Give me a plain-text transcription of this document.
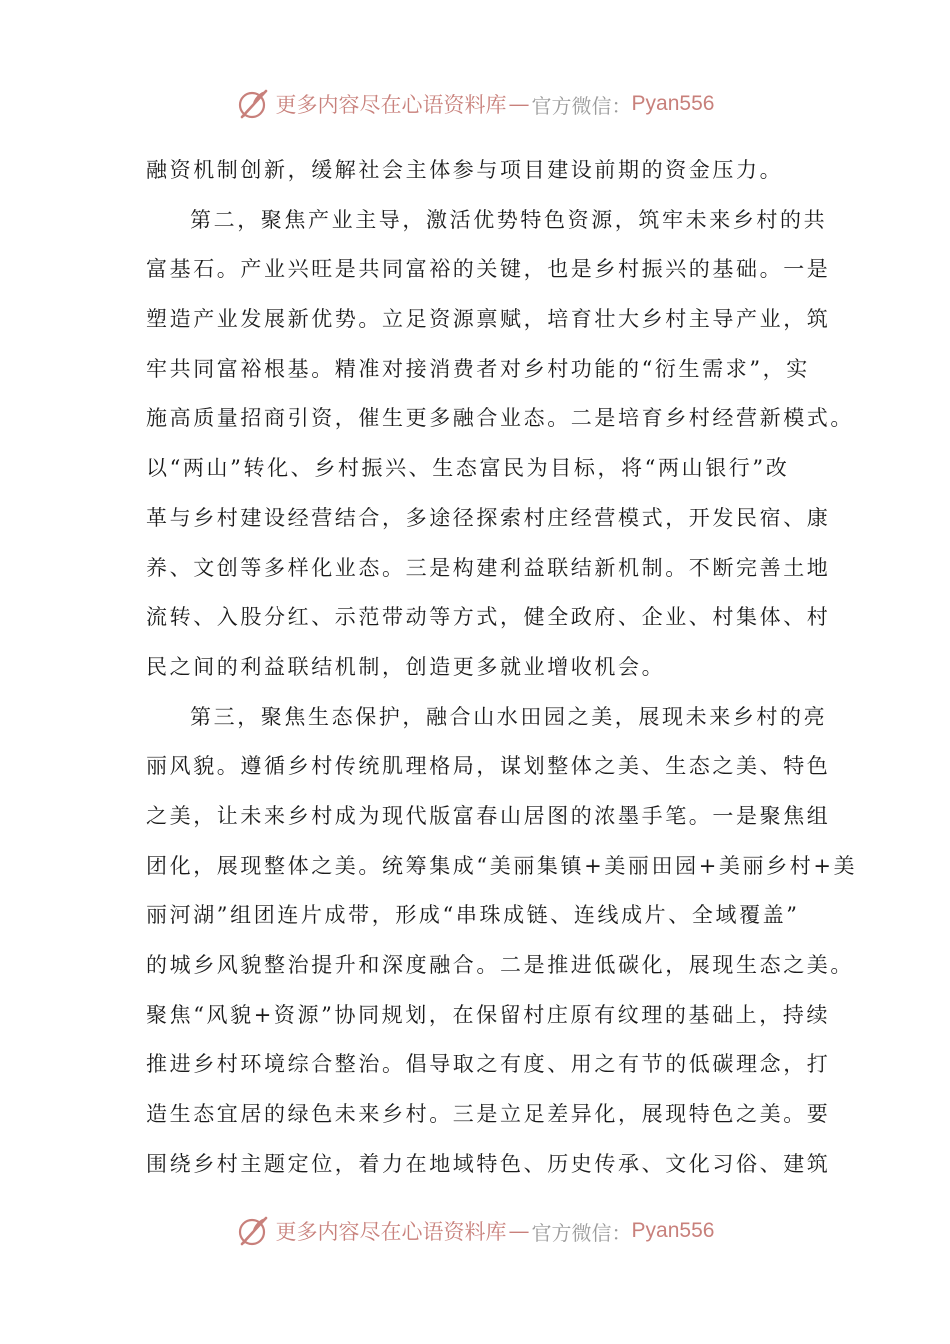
更多内容尽在心语资料库 — 官方微信： Pyan556
融资机制创新，缓解社会主体参与项目建设前期的资金压力。
第二，聚焦产业主导，激活优势特色资源，筑牢未来乡村的共
富基石。产业兴旺是共同富裕的关键，也是乡村振兴的基础。一是
塑造产业发展新优势。立足资源禀赋，培育壮大乡村主导产业，筑
牢共同富裕根基。精准对接消费者对乡村功能的“衍生需求”，实
施高质量招商引资，催生更多融合业态。二是培育乡村经营新模式。
以“两山”转化、乡村振兴、生态富民为目标，将“两山银行”改
革与乡村建设经营结合，多途径探索村庄经营模式，开发民宿、康
养、文创等多样化业态。三是构建利益联结新机制。不断完善土地
流转、入股分红、示范带动等方式，健全政府、企业、村集体、村
民之间的利益联结机制，创造更多就业增收机会。
第三，聚焦生态保护，融合山水田园之美，展现未来乡村的亮
丽风貌。遵循乡村传统肌理格局，谋划整体之美、生态之美、特色
之美，让未来乡村成为现代版富春山居图的浓墨手笔。一是聚焦组
团化，展现整体之美。统筹集成“美丽集镇+美丽田园+美丽乡村+美
丽河湖”组团连片成带，形成“串珠成链、连线成片、全域覆盖”
的城乡风貌整治提升和深度融合。二是推进低碳化，展现生态之美。
聚焦“风貌+资源”协同规划，在保留村庄原有纹理的基础上，持续
推进乡村环境综合整治。倡导取之有度、用之有节的低碳理念，打
造生态宜居的绿色未来乡村。三是立足差异化，展现特色之美。要
围绕乡村主题定位，着力在地域特色、历史传承、文化习俗、建筑
更多内容尽在心语资料库 — 官方微信： Pyan556
